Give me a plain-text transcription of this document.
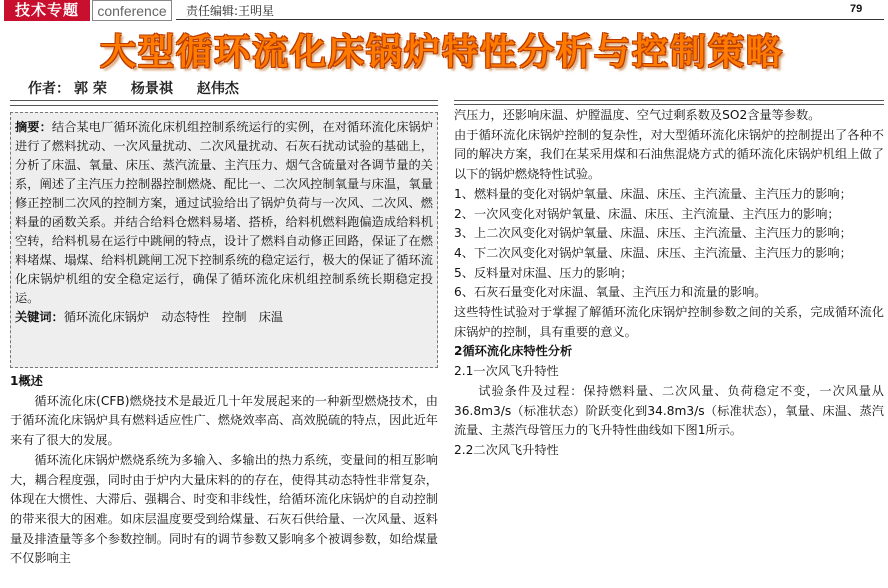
技术专题	conference	责任编辑:王明星	79
大型循环流化床锅炉特性分析与控制策略
作者： 郭 荣 杨景祺 赵伟杰
摘要：结合某电厂循环流化床机组控制系统运行的实例，在对循环流化床锅炉进行了燃料扰动、一次风量扰动、二次风量扰动、石灰石扰动试验的基础上，分析了床温、氧量、床压、蒸汽流量、主汽压力、烟气含硫量对各调节量的关系，阐述了主汽压力控制器控制燃烧、配比一、二次风控制氧量与床温，氧量修正控制二次风的控制方案，通过试验给出了锅炉负荷与一次风、二次风、燃料量的函数关系。并结合给料仓燃料易堵、搭桥，给料机燃料跑偏造成给料机空转，给料机易在运行中跳闸的特点，设计了燃料自动修正回路，保证了在燃料堵煤、塌煤、给料机跳闸工况下控制系统的稳定运行，极大的保证了循环流化床锅炉机组的安全稳定运行，确保了循环流化床机组控制系统长期稳定投运。
关键词：循环流化床锅炉　动态特性　控制　床温

1概述

循环流化床(CFB)燃烧技术是最近几十年发展起来的一种新型燃烧技术，由于循环流化床锅炉具有燃料适应性广、燃烧效率高、高效脱硫的特点，因此近年来有了很大的发展。

循环流化床锅炉燃烧系统为多输入、多输出的热力系统，变量间的相互影响大，耦合程度强，同时由于炉内大量床料的的存在，使得其动态特性非常复杂，体现在大惯性、大滞后、强耦合、时变和非线性，给循环流化床锅炉的自动控制的带来很大的困难。如床层温度要受到给煤量、石灰石供给量、一次风量、返料量及排渣量等多个参数控制。同时有的调节参数又影响多个被调参数，如给煤量不仅影响主

汽压力，还影响床温、炉膛温度、空气过剩系数及SO2含量等参数。

由于循环流化床锅炉控制的复杂性，对大型循环流化床锅炉的控制提出了各种不同的解决方案，我们在某采用煤和石油焦混烧方式的循环流化床锅炉机组上做了以下的锅炉燃烧特性试验。

1、燃料量的变化对锅炉氧量、床温、床压、主汽流量、主汽压力的影响；

2、一次风变化对锅炉氧量、床温、床压、主汽流量、主汽压力的影响；

3、上二次风变化对锅炉氧量、床温、床压、主汽流量、主汽压力的影响；

4、下二次风变化对锅炉氧量、床温、床压、主汽流量、主汽压力的影响；

5、反料量对床温、压力的影响；

6、石灰石量变化对床温、氧量、主汽压力和流量的影响。

这些特性试验对于掌握了解循环流化床锅炉控制参数之间的关系，完成循环流化床锅炉的控制，具有重要的意义。

2循环流化床特性分析

2.1一次风飞升特性

试验条件及过程：保持燃料量、二次风量、负荷稳定不变，一次风量从36.8m3/s（标准状态）阶跃变化到34.8m3/s（标准状态），氧量、床温、蒸汽流量、主蒸汽母管压力的飞升特性曲线如下图1所示。

2.2二次风飞升特性
